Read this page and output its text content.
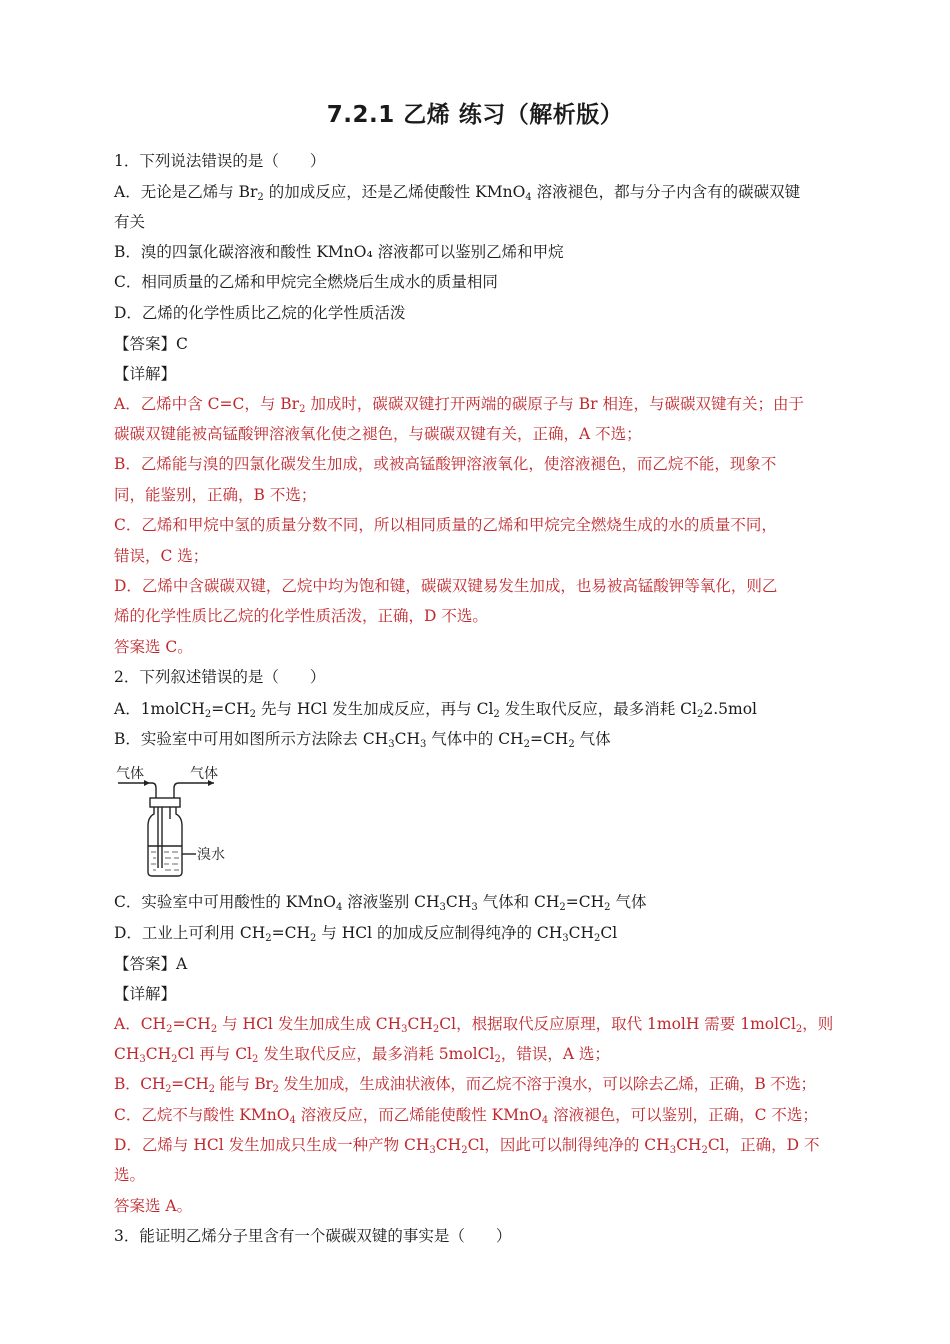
7.2.1 乙烯 练习（解析版）
1．下列说法错误的是（　　）
A．无论是乙烯与 $Br_2$ 的加成反应，还是乙烯使酸性 KMnO$_4$ 溶液褪色，都与分子内含有的碳碳双键
有关
B．溴的四氯化碳溶液和酸性 KMnO₄ 溶液都可以鉴别乙烯和甲烷
C．相同质量的乙烯和甲烷完全燃烧后生成水的质量相同
D．乙烯的化学性质比乙烷的化学性质活泼
【答案】C
【详解】
A．乙烯中含 C=C，与 $Br_2$ 加成时，碳碳双键打开两端的碳原子与 Br 相连，与碳碳双键有关；由于
碳碳双键能被高锰酸钾溶液氧化使之褪色，与碳碳双键有关，正确，A 不选；
B．乙烯能与溴的四氯化碳发生加成，或被高锰酸钾溶液氧化，使溶液褪色，而乙烷不能，现象不
同，能鉴别，正确，B 不选；
C．乙烯和甲烷中氢的质量分数不同，所以相同质量的乙烯和甲烷完全燃烧生成的水的质量不同，
错误，C 选；
D．乙烯中含碳碳双键，乙烷中均为饱和键，碳碳双键易发生加成，也易被高锰酸钾等氧化，则乙
烯的化学性质比乙烷的化学性质活泼，正确，D 不选。
答案选 C。
2．下列叙述错误的是（　　）
A．$1molCH_2=CH_2$ 先与 HCl 发生加成反应，再与 $Cl_2$ 发生取代反应，最多消耗 $Cl_22.5mol$
B．实验室中可用如图所示方法除去 $CH_3CH_3$ 气体中的 $CH_2=CH_2$ 气体
气体	气体
溴水
C．实验室中可用酸性的 KMnO$_4$ 溶液鉴别 $CH_3CH_3$ 气体和 $CH_2=CH_2$ 气体
D．工业上可利用 $CH_2=CH_2$ 与 HCl 的加成反应制得纯净的 $CH_3CH_2Cl$
【答案】A
【详解】
A．$CH_2=CH_2$ 与 HCl 发生加成生成 $CH_3CH_2Cl$，根据取代反应原理，取代 1molH 需要 1molCl$_2$，则
$CH_3CH_2Cl$ 再与 $Cl_2$ 发生取代反应，最多消耗 5molCl$_2$，错误，A 选；
B．$CH_2=CH_2$ 能与 $Br_2$ 发生加成，生成油状液体，而乙烷不溶于溴水，可以除去乙烯，正确，B 不选；
C．乙烷不与酸性 KMnO$_4$ 溶液反应，而乙烯能使酸性 KMnO$_4$ 溶液褪色，可以鉴别，正确，C 不选；
D．乙烯与 HCl 发生加成只生成一种产物 $CH_3CH_2Cl$，因此可以制得纯净的 $CH_3CH_2Cl$，正确，D 不
选。
答案选 A。
3．能证明乙烯分子里含有一个碳碳双键的事实是（　　）
